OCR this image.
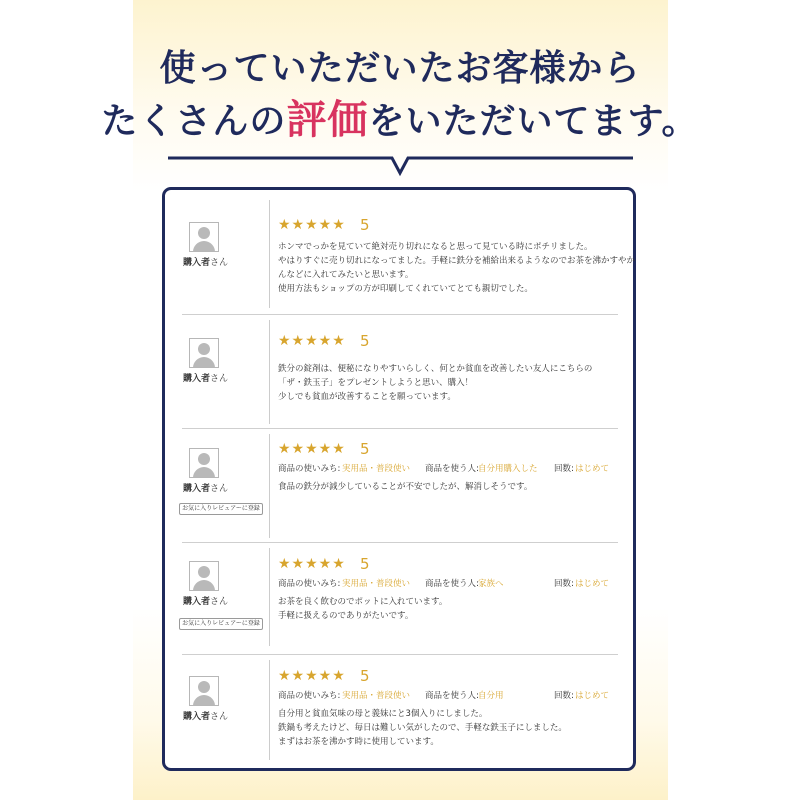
使っていただいたお客様から
たくさんの評価をいただいてます。
購入者さん
★★★★★ 5
ホンマでっかを見ていて絶対売り切れになると思って見ている時にポチリました。
やはりすぐに売り切れになってました。手軽に鉄分を補給出来るようなのでお茶を沸かすやか
んなどに入れてみたいと思います。
使用方法もショップの方が印刷してくれていてとても親切でした。
購入者さん
★★★★★ 5
鉄分の錠剤は、便秘になりやすいらしく、何とか貧血を改善したい友人にこちらの
「ザ・鉄玉子」をプレゼントしようと思い、購入！
少しでも貧血が改善することを願っています。
購入者さん
お気に入りレビュアーに登録
★★★★★ 5
商品の使いみち: 実用品・普段使い 商品を使う人: 自分用購入した 回数: はじめて
食品の鉄分が減少していることが不安でしたが、解消しそうです。
購入者さん
お気に入りレビュアーに登録
★★★★★ 5
商品の使いみち: 実用品・普段使い 商品を使う人: 家族へ	回数: はじめて
お茶を良く飲むのでポットに入れています。
手軽に扱えるのでありがたいです。
購入者さん
★★★★★ 5
商品の使いみち: 実用品・普段使い 商品を使う人: 自分用	回数: はじめて
自分用と貧血気味の母と義妹にと3個入りにしました。
鉄鍋も考えたけど、毎日は難しい気がしたので、手軽な鉄玉子にしました。
まずはお茶を沸かす時に使用しています。
